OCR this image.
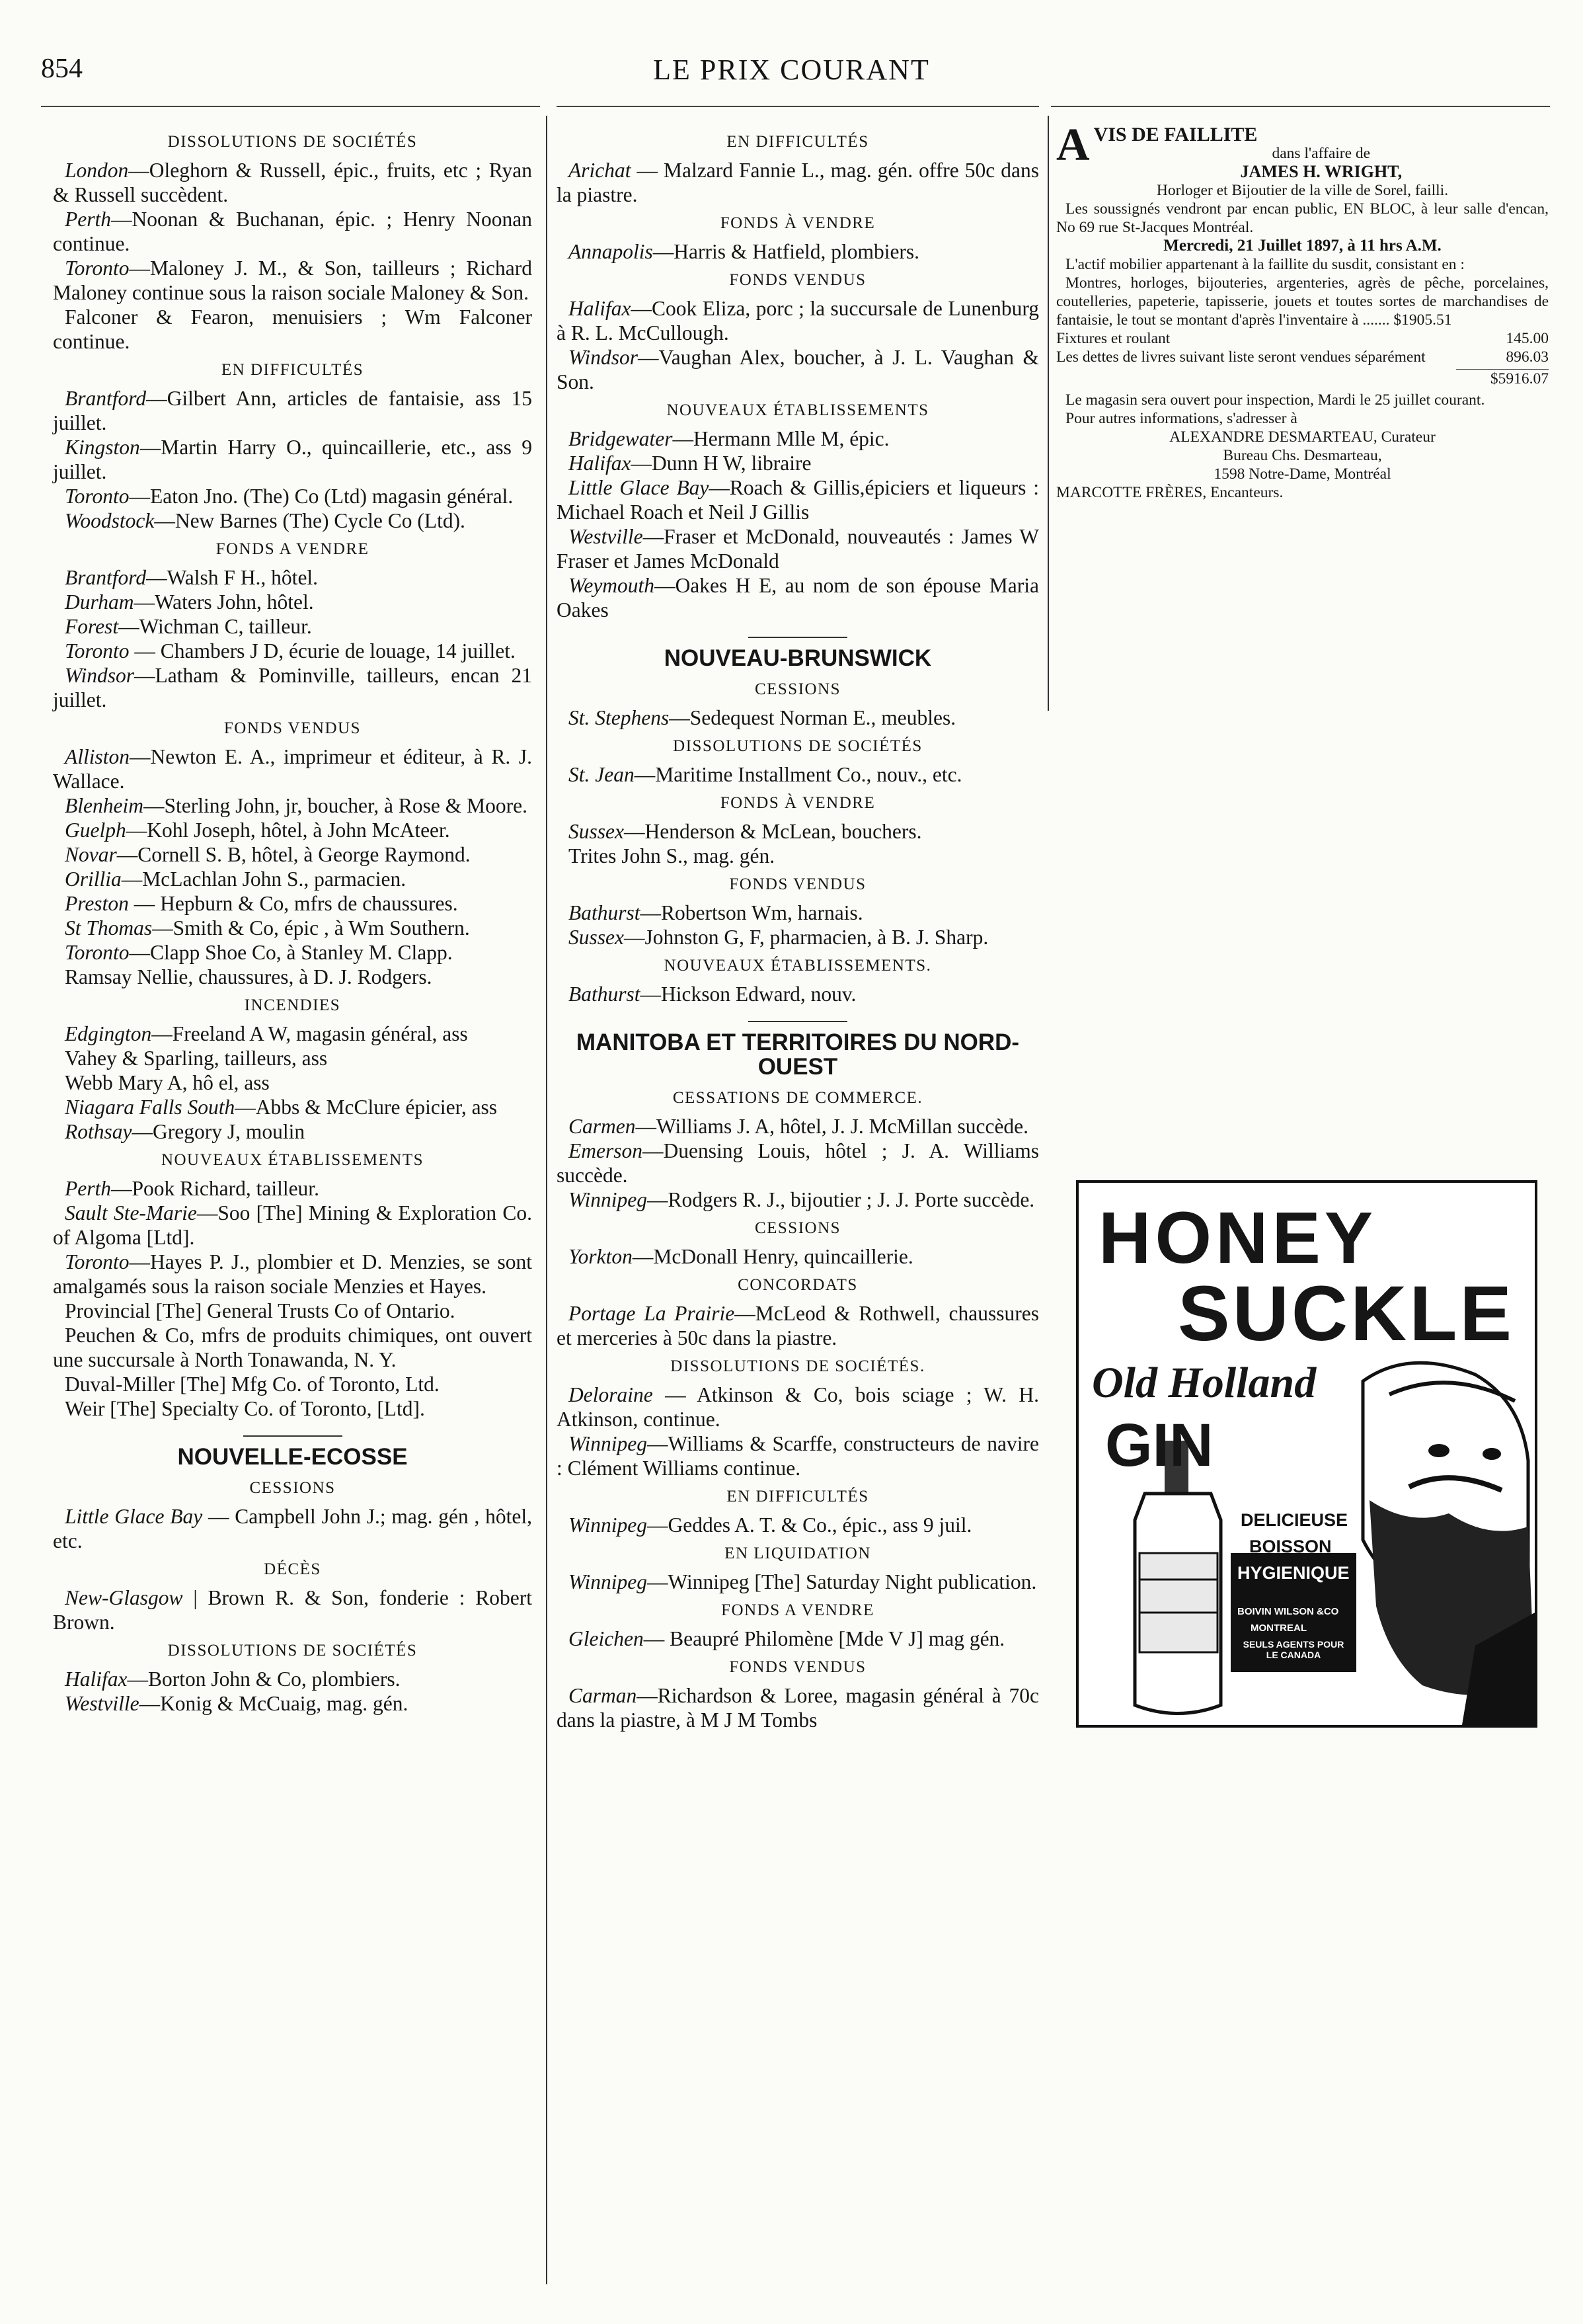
854	LE PRIX COURANT
DISSOLUTIONS DE SOCIÉTÉS

London—Oleghorn & Russell, épic., fruits, etc ; Ryan & Russell succèdent.

Perth—Noonan & Buchanan, épic. ; Henry Noonan continue.

Toronto—Maloney J. M., & Son, tailleurs ; Richard Maloney continue sous la raison sociale Maloney & Son.

Falconer & Fearon, menuisiers ; Wm Falconer continue.

EN DIFFICULTÉS

Brantford—Gilbert Ann, articles de fantaisie, ass 15 juillet.

Kingston—Martin Harry O., quincaillerie, etc., ass 9 juillet.

Toronto—Eaton Jno. (The) Co (Ltd) magasin général.

Woodstock—New Barnes (The) Cycle Co (Ltd).

FONDS A VENDRE

Brantford—Walsh F H., hôtel.

Durham—Waters John, hôtel.

Forest—Wichman C, tailleur.

Toronto — Chambers J D, écurie de louage, 14 juillet.

Windsor—Latham & Pominville, tailleurs, encan 21 juillet.

FONDS VENDUS

Alliston—Newton E. A., imprimeur et éditeur, à R. J. Wallace.

Blenheim—Sterling John, jr, boucher, à Rose & Moore.

Guelph—Kohl Joseph, hôtel, à John McAteer.

Novar—Cornell S. B, hôtel, à George Raymond.

Orillia—McLachlan John S., parmacien.

Preston — Hepburn & Co, mfrs de chaussures.

St Thomas—Smith & Co, épic , à Wm Southern.

Toronto—Clapp Shoe Co, à Stanley M. Clapp.

Ramsay Nellie, chaussures, à D. J. Rodgers.

INCENDIES

Edgington—Freeland A W, magasin général, ass

Vahey & Sparling, tailleurs, ass

Webb Mary A, hô el, ass

Niagara Falls South—Abbs & McClure épicier, ass

Rothsay—Gregory J, moulin

NOUVEAUX ÉTABLISSEMENTS

Perth—Pook Richard, tailleur.

Sault Ste-Marie—Soo [The] Mining & Exploration Co. of Algoma [Ltd].

Toronto—Hayes P. J., plombier et D. Menzies, se sont amalgamés sous la raison sociale Menzies et Hayes.

Provincial [The] General Trusts Co of Ontario.

Peuchen & Co, mfrs de produits chimiques, ont ouvert une succursale à North Tonawanda, N. Y.

Duval-Miller [The] Mfg Co. of Toronto, Ltd.

Weir [The] Specialty Co. of Toronto, [Ltd].

NOUVELLE-ECOSSE
CESSIONS

Little Glace Bay — Campbell John J.; mag. gén , hôtel, etc.

DÉCÈS

New-Glasgow | Brown R. & Son, fonderie : Robert Brown.

DISSOLUTIONS DE SOCIÉTÉS

Halifax—Borton John & Co, plombiers.

Westville—Konig & McCuaig, mag. gén.

EN DIFFICULTÉS

Arichat — Malzard Fannie L., mag. gén. offre 50c dans la piastre.

FONDS À VENDRE

Annapolis—Harris & Hatfield, plombiers.

FONDS VENDUS

Halifax—Cook Eliza, porc ; la succursale de Lunenburg à R. L. McCullough.

Windsor—Vaughan Alex, boucher, à J. L. Vaughan & Son.

NOUVEAUX ÉTABLISSEMENTS

Bridgewater—Hermann Mlle M, épic.

Halifax—Dunn H W, libraire

Little Glace Bay—Roach & Gillis,épiciers et liqueurs : Michael Roach et Neil J Gillis

Westville—Fraser et McDonald, nouveautés : James W Fraser et James McDonald

Weymouth—Oakes H E, au nom de son épouse Maria Oakes

NOUVEAU-BRUNSWICK
CESSIONS

St. Stephens—Sedequest Norman E., meubles.

DISSOLUTIONS DE SOCIÉTÉS

St. Jean—Maritime Installment Co., nouv., etc.

FONDS À VENDRE

Sussex—Henderson & McLean, bouchers.

Trites John S., mag. gén.

FONDS VENDUS

Bathurst—Robertson Wm, harnais.

Sussex—Johnston G, F, pharmacien, à B. J. Sharp.

NOUVEAUX ÉTABLISSEMENTS.

Bathurst—Hickson Edward, nouv.

MANITOBA ET TERRITOIRES DU NORD-OUEST
CESSATIONS DE COMMERCE.

Carmen—Williams J. A, hôtel, J. J. McMillan succède.

Emerson—Duensing Louis, hôtel ; J. A. Williams succède.

Winnipeg—Rodgers R. J., bijoutier ; J. J. Porte succède.

CESSIONS

Yorkton—McDonall Henry, quincaillerie.

CONCORDATS

Portage La Prairie—McLeod & Rothwell, chaussures et merceries à 50c dans la piastre.

DISSOLUTIONS DE SOCIÉTÉS.

Deloraine — Atkinson & Co, bois sciage ; W. H. Atkinson, continue.

Winnipeg—Williams & Scarffe, constructeurs de navire : Clément Williams continue.

EN DIFFICULTÉS

Winnipeg—Geddes A. T. & Co., épic., ass 9 juil.

EN LIQUIDATION

Winnipeg—Winnipeg [The] Saturday Night publication.

FONDS A VENDRE

Gleichen— Beaupré Philomène [Mde V J] mag gén.

FONDS VENDUS

Carman—Richardson & Loree, magasin général à 70c dans la piastre, à M J M Tombs

AVIS DE FAILLITE

dans l'affaire de

JAMES H. WRIGHT,

Horloger et Bijoutier de la ville de Sorel, failli.

Les soussignés vendront par encan public, EN BLOC, à leur salle d'encan, No 69 rue St-Jacques Montréal.

Mercredi, 21 Juillet 1897, à 11 hrs A.M.

L'actif mobilier appartenant à la faillite du susdit, consistant en :

Montres, horloges, bijouteries, argenteries, agrès de pêche, porcelaines, coutelleries, papeterie, tapisserie, jouets et toutes sortes de marchandises de fantaisie, le tout se montant d'après l'inventaire à ....... $1905.51

Fixtures et roulant	145.00

Les dettes de livres suivant liste seront vendues séparément	896.03

$5916.07

Le magasin sera ouvert pour inspection, Mardi le 25 juillet courant.

Pour autres informations, s'adresser à

ALEXANDRE DESMARTEAU, Curateur

Bureau Chs. Desmarteau,

1598 Notre-Dame, Montréal

MARCOTTE FRÈRES, Encanteurs.

HONEY
SUCKLE
Old Holland
GIN
DELICIEUSE
BOISSON
HYGIENIQUE
BOIVIN WILSON &CO
MONTREAL
SEULS AGENTS POUR LE CANADA
